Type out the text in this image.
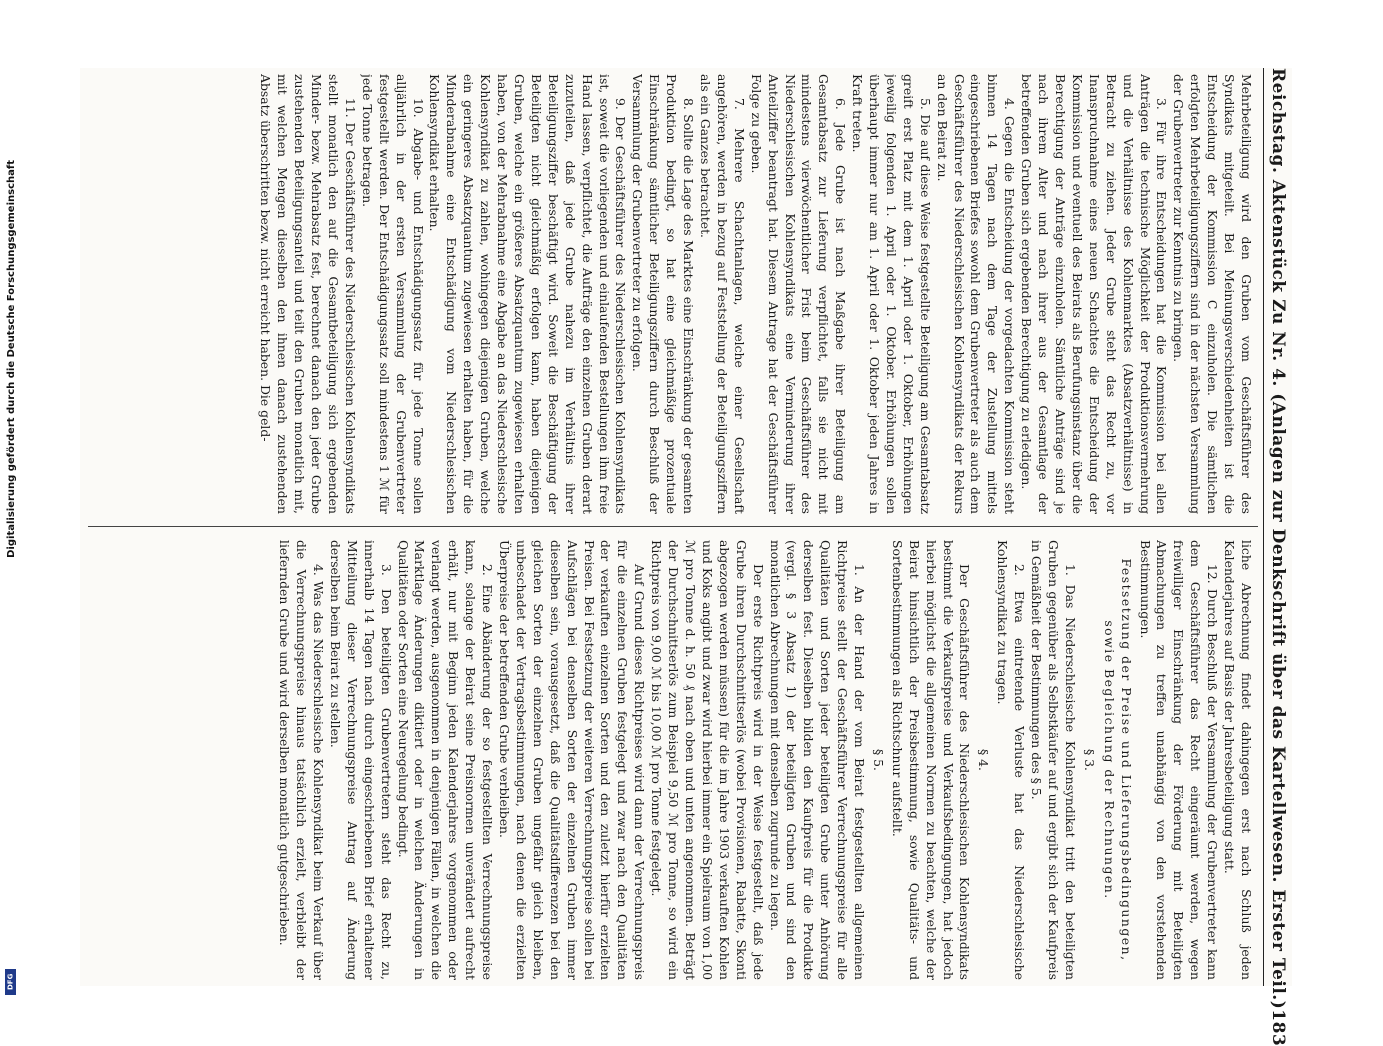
Digitalisierung gefördert durch die Deutsche Forschungsgemeinschaft
DFG	Reichstag. Aktenstück Zu Nr. 4. (Anlagen zur Denkschrift über das Kartellwesen. Erster Teil.)
183

Mehrbeteiligung wird den Gruben vom Geschäftsführer des Syndikats mitgeteilt. Bei Meinungsverschiedenheiten ist die Entscheidung der Kommission C einzuholen. Die sämtlichen erfolgten Mehrbeteiligungsziffern sind in der nächsten Versammlung der Grubenvertreter zur Kenntnis zu bringen.

3. Für ihre Entscheidungen hat die Kommission bei allen Anträgen die technische Möglichkeit der Produktionsvermehrung und die Verhältnisse des Kohlenmarktes (Absatzverhältnisse) in Betracht zu ziehen. Jeder Grube steht das Recht zu, vor Inanspruchnahme eines neuen Schachtes die Entscheidung der Kommission und eventuell des Beirats als Berufungsinstanz über die Berechtigung der Anträge einzuholen. Sämtliche Anträge sind je nach ihrem Alter und nach ihrer aus der Gesamtlage der betreffenden Gruben sich ergebenden Berechtigung zu erledigen.

4. Gegen die Entscheidung der vorgedachten Kommission steht binnen 14 Tagen nach dem Tage der Zustellung mittels eingeschriebenen Briefes sowohl dem Grubenvertreter als auch dem Geschäftsführer des Niederschlesischen Kohlensyndikats der Rekurs an den Beirat zu.

5. Die auf diese Weise festgestellte Beteiligung am Gesamtabsatz greift erst Platz mit dem 1. April oder 1. Oktober, Erhöhungen jeweilig folgenden 1. April oder 1. Oktober. Erhöhungen sollen überhaupt immer nur am 1. April oder 1. Oktober jeden Jahres in Kraft treten.

6. Jede Grube ist nach Maßgabe ihrer Beteiligung am Gesamtabsatz zur Lieferung verpflichtet, falls sie nicht mit mindestens vierwöchentlicher Frist beim Geschäftsführer des Niederschlesischen Kohlensyndikats eine Verminderung ihrer Anteilziffer beantragt hat. Diesem Antrage hat der Geschäftsführer Folge zu geben.

7. Mehrere Schachtanlagen, welche einer Gesellschaft angehören, werden in bezug auf Feststellung der Beteiligungsziffern als ein Ganzes betrachtet.

8. Sollte die Lage des Marktes eine Einschränkung der gesamten Produktion bedingt, so hat eine gleichmäßige prozentuale Einschränkung sämtlicher Beteiligungsziffern durch Beschluß der Versammlung der Grubenvertreter zu erfolgen.

9. Der Geschäftsführer des Niederschlesischen Kohlensyndikats ist, soweit die vorliegenden und einlaufenden Bestellungen ihm freie Hand lassen, verpflichtet, die Aufträge den einzelnen Gruben derart zuzuteilen, daß jede Grube nahezu im Verhältnis ihrer Beteiligungsziffer beschäftigt wird. Soweit die Beschäftigung der Beteiligten nicht gleichmäßig erfolgen kann, haben diejenigen Gruben, welche ein größeres Absatzquantum zugewiesen erhalten haben, von der Mehrabnahme eine Abgabe an das Niederschlesische Kohlensyndikat zu zahlen, wohingegen diejenigen Gruben, welche ein geringeres Absatzquantum zugewiesen erhalten haben, für die Minderabnahme eine Entschädigung vom Niederschlesischen Kohlensyndikat erhalten.

10. Abgabe- und Entschädigungssatz für jede Tonne sollen alljährlich in der ersten Versammlung der Grubenvertreter festgestellt werden. Der Entschädigungssatz soll mindestens 1 ℳ für jede Tonne betragen.

11. Der Geschäftsführer des Niederschlesischen Kohlensyndikats stellt monatlich den auf die Gesamtbeteiligung sich ergebenden Minder- bezw. Mehrabsatz fest, berechnet danach den jeder Grube zustehenden Beteiligungsanteil und teilt den Gruben monatlich mit, mit welchen Mengen dieselben den ihnen danach zustehenden Absatz überschritten bezw. nicht erreicht haben. Die geld-

liche Abrechnung findet dahingegen erst nach Schluß jeden Kalenderjahres auf Basis der Jahresbeteiligung statt.

12. Durch Beschluß der Versammlung der Grubenvertreter kann dem Geschäftsführer das Recht eingeräumt werden, wegen freiwilliger Einschränkung der Förderung mit Beteiligten Abmachungen zu treffen unabhängig von den vorstehenden Bestimmungen.

Festsetzung der Preise und Lieferungsbedingungen, sowie Begleichung der Rechnungen.
§ 3.

1. Das Niederschlesische Kohlensyndikat tritt den beteiligten Gruben gegenüber als Selbstkäufer auf und ergibt sich der Kaufpreis in Gemäßheit der Bestimmungen des § 5.

2. Etwa eintretende Verluste hat das Niederschlesische Kohlensyndikat zu tragen.

§ 4.

Der Geschäftsführer des Niederschlesischen Kohlensyndikats bestimmt die Verkaufspreise und Verkaufsbedingungen, hat jedoch hierbei möglichst die allgemeinen Normen zu beachten, welche der Beirat hinsichtlich der Preisbestimmung, sowie Qualitäts- und Sortenbestimmungen als Richtschnur aufstellt.

§ 5.

1. An der Hand der vom Beirat festgestellten allgemeinen Richtpreise stellt der Geschäftsführer Verrechnungspreise für alle Qualitäten und Sorten jeder beteiligten Grube unter Anhörung derselben fest. Dieselben bilden den Kaufpreis für die Produkte (vergl. § 3 Absatz 1) der beteiligten Gruben und sind den monatlichen Abrechnungen mit denselben zugrunde zu legen.

Der erste Richtpreis wird in der Weise festgestellt, daß jede Grube ihren Durchschnittserlös (wobei Provisionen, Rabatte, Skonti abgezogen werden müssen) für die im Jahre 1903 verkauften Kohlen und Koks angibt und zwar wird hierbei immer ein Spielraum von 1,00 ℳ pro Tonne d. h. 50 ₰ nach oben und unten angenommen. Beträgt der Durchschnittserlös zum Beispiel 9,50 ℳ pro Tonne, so wird ein Richtpreis von 9,00 ℳ bis 10,00 ℳ pro Tonne festgelegt.

Auf Grund dieses Richtpreises wird dann der Verrechnungspreis für die einzelnen Gruben festgelegt und zwar nach den Qualitäten der verkauften einzelnen Sorten und den zuletzt hierfür erzielten Preisen. Bei Festsetzung der weiteren Verrechnungspreise sollen bei Aufschlägen bei denselben Sorten der einzelnen Gruben immer dieselben sein, vorausgesetzt, daß die Qualitätsdifferenzen bei den gleichen Sorten der einzelnen Gruben ungefähr gleich bleiben, unbeschadet der Vertragsbestimmungen, nach denen die erzielten Überpreise der betreffenden Grube verbleiben.

2. Eine Abänderung der so festgestellten Verrechnungspreise kann, solange der Beirat seine Preisnormen unverändert aufrecht erhält, nur mit Beginn jeden Kalenderjahres vorgenommen oder verlangt werden, ausgenommen in denjenigen Fällen, in welchen die Marktlage Änderungen diktiert oder in welchen Änderungen in Qualitäten oder Sorten eine Neuregelung bedingt.

3. Den beteiligten Grubenvertretern steht das Recht zu, innerhalb 14 Tagen nach durch eingeschriebenen Brief erhaltener Mitteilung dieser Verrechnungspreise Antrag auf Änderung derselben beim Beirat zu stellen.

4. Was das Niederschlesische Kohlensyndikat beim Verkauf über die Verrechnungspreise hinaus tatsächlich erzielt, verbleibt der liefernden Grube und wird derselben monatlich gutgeschrieben.
